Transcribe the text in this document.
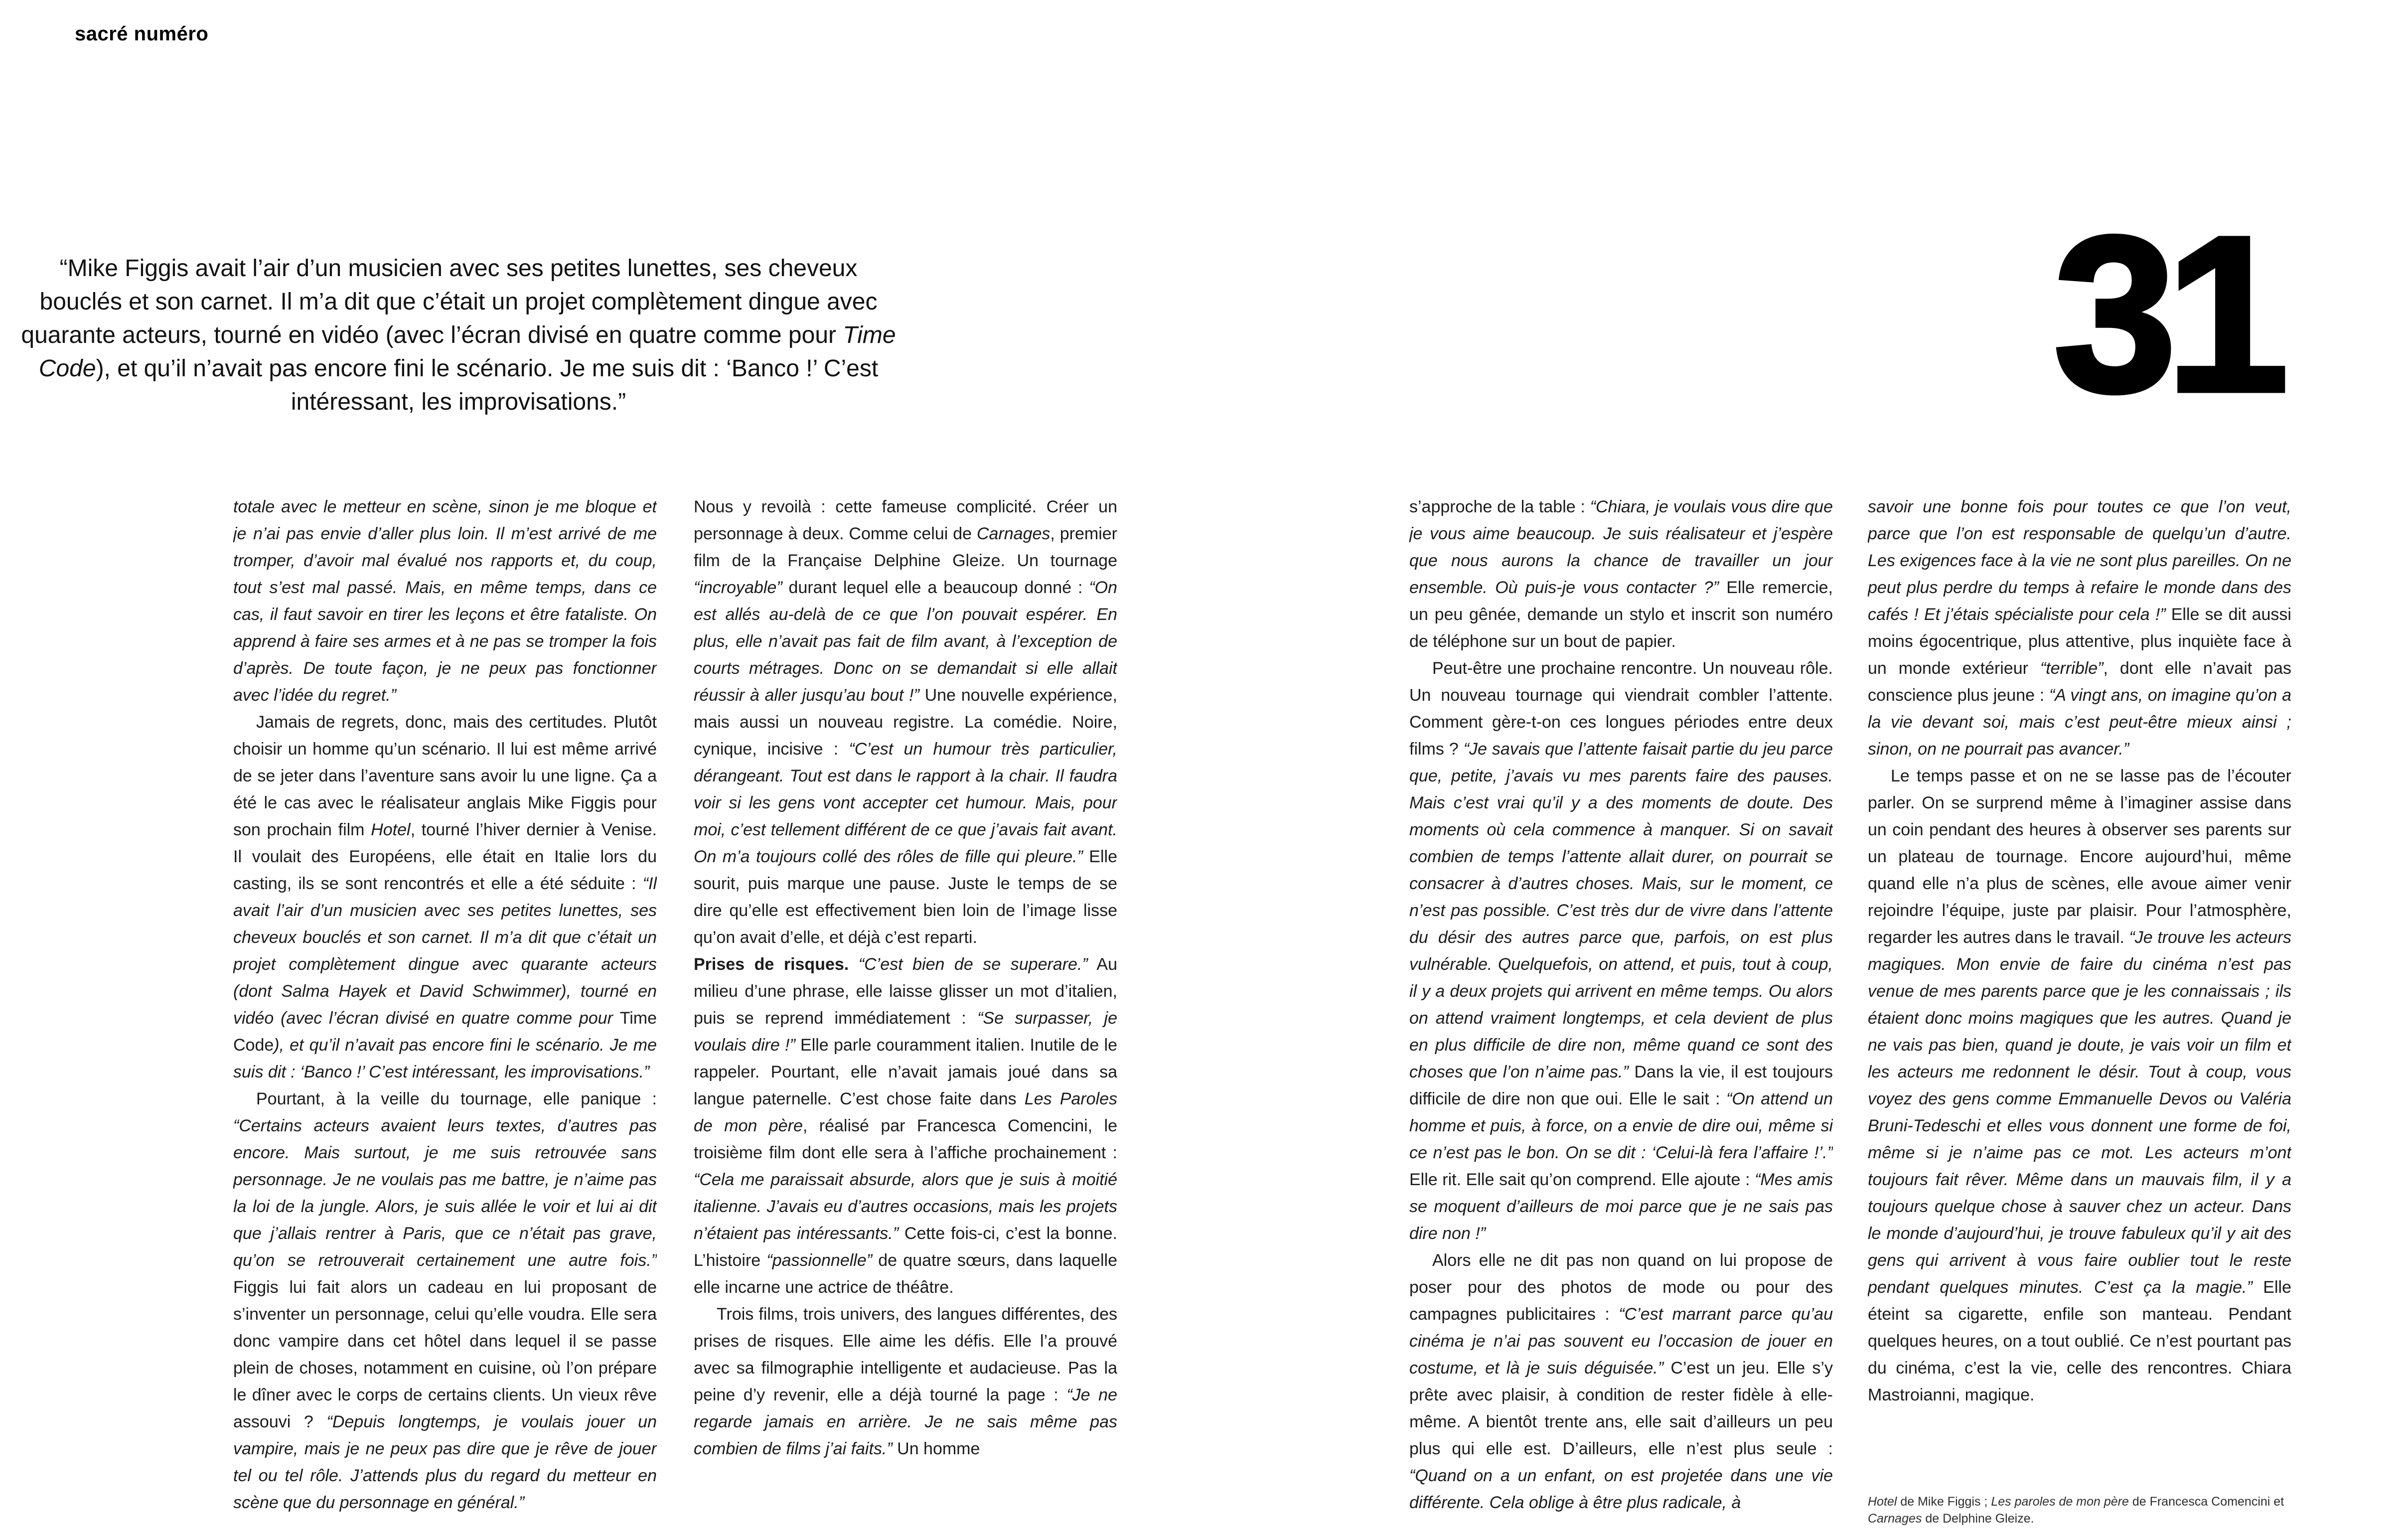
sacré numéro
“Mike Figgis avait l’air d’un musicien avec ses petites lunettes, ses cheveux bouclés et son carnet. Il m’a dit que c’était un projet complètement dingue avec quarante acteurs, tourné en vidéo (avec l’écran divisé en quatre comme pour Time Code), et qu’il n’avait pas encore fini le scénario. Je me suis dit : ‘Banco !’ C’est intéressant, les improvisations.”	31

totale avec le metteur en scène, sinon je me bloque et je n’ai pas envie d’aller plus loin. Il m’est arrivé de me tromper, d’avoir mal évalué nos rapports et, du coup, tout s’est mal passé. Mais, en même temps, dans ce cas, il faut savoir en tirer les leçons et être fataliste. On apprend à faire ses armes et à ne pas se tromper la fois d’après. De toute façon, je ne peux pas fonctionner avec l’idée du regret.”

Jamais de regrets, donc, mais des certitudes. Plutôt choisir un homme qu’un scénario. Il lui est même arrivé de se jeter dans l’aventure sans avoir lu une ligne. Ça a été le cas avec le réalisateur anglais Mike Figgis pour son prochain film Hotel, tourné l’hiver dernier à Venise. Il voulait des Européens, elle était en Italie lors du casting, ils se sont rencontrés et elle a été séduite : “Il avait l’air d’un musicien avec ses petites lunettes, ses cheveux bouclés et son carnet. Il m’a dit que c’était un projet complètement dingue avec quarante acteurs (dont Salma Hayek et David Schwimmer), tourné en vidéo (avec l’écran divisé en quatre comme pour Time Code), et qu’il n’avait pas encore fini le scénario. Je me suis dit : ‘Banco !’ C’est intéressant, les improvisations.”

Pourtant, à la veille du tournage, elle panique : “Certains acteurs avaient leurs textes, d’autres pas encore. Mais surtout, je me suis retrouvée sans personnage. Je ne voulais pas me battre, je n’aime pas la loi de la jungle. Alors, je suis allée le voir et lui ai dit que j’allais rentrer à Paris, que ce n’était pas grave, qu’on se retrouverait certainement une autre fois.” Figgis lui fait alors un cadeau en lui proposant de s’inventer un personnage, celui qu’elle voudra. Elle sera donc vampire dans cet hôtel dans lequel il se passe plein de choses, notamment en cuisine, où l’on prépare le dîner avec le corps de certains clients. Un vieux rêve assouvi ? “Depuis longtemps, je voulais jouer un vampire, mais je ne peux pas dire que je rêve de jouer tel ou tel rôle. J’attends plus du regard du metteur en scène que du personnage en général.”

Nous y revoilà : cette fameuse complicité. Créer un personnage à deux. Comme celui de Carnages, premier film de la Française Delphine Gleize. Un tournage “incroyable” durant lequel elle a beaucoup donné : “On est allés au-delà de ce que l’on pouvait espérer. En plus, elle n’avait pas fait de film avant, à l’exception de courts métrages. Donc on se demandait si elle allait réussir à aller jusqu’au bout !” Une nouvelle expérience, mais aussi un nouveau registre. La comédie. Noire, cynique, incisive : “C’est un humour très particulier, dérangeant. Tout est dans le rapport à la chair. Il faudra voir si les gens vont accepter cet humour. Mais, pour moi, c’est tellement différent de ce que j’avais fait avant. On m’a toujours collé des rôles de fille qui pleure.” Elle sourit, puis marque une pause. Juste le temps de se dire qu’elle est effectivement bien loin de l’image lisse qu’on avait d’elle, et déjà c’est reparti.

Prises de risques. “C’est bien de se superare.” Au milieu d’une phrase, elle laisse glisser un mot d’italien, puis se reprend immédiatement : “Se surpasser, je voulais dire !” Elle parle couramment italien. Inutile de le rappeler. Pourtant, elle n’avait jamais joué dans sa langue paternelle. C’est chose faite dans Les Paroles de mon père, réalisé par Francesca Comencini, le troisième film dont elle sera à l’affiche prochainement : “Cela me paraissait absurde, alors que je suis à moitié italienne. J’avais eu d’autres occasions, mais les projets n’étaient pas intéressants.” Cette fois-ci, c’est la bonne. L’histoire “passionnelle” de quatre sœurs, dans laquelle elle incarne une actrice de théâtre.

Trois films, trois univers, des langues différentes, des prises de risques. Elle aime les défis. Elle l’a prouvé avec sa filmographie intelligente et audacieuse. Pas la peine d’y revenir, elle a déjà tourné la page : “Je ne regarde jamais en arrière. Je ne sais même pas combien de films j’ai faits.” Un homme

s’approche de la table : “Chiara, je voulais vous dire que je vous aime beaucoup. Je suis réalisateur et j’espère que nous aurons la chance de travailler un jour ensemble. Où puis-je vous contacter ?” Elle remercie, un peu gênée, demande un stylo et inscrit son numéro de téléphone sur un bout de papier.

Peut-être une prochaine rencontre. Un nouveau rôle. Un nouveau tournage qui viendrait combler l’attente. Comment gère-t-on ces longues périodes entre deux films ? “Je savais que l’attente faisait partie du jeu parce que, petite, j’avais vu mes parents faire des pauses. Mais c’est vrai qu’il y a des moments de doute. Des moments où cela commence à manquer. Si on savait combien de temps l’attente allait durer, on pourrait se consacrer à d’autres choses. Mais, sur le moment, ce n’est pas possible. C’est très dur de vivre dans l’attente du désir des autres parce que, parfois, on est plus vulnérable. Quelquefois, on attend, et puis, tout à coup, il y a deux projets qui arrivent en même temps. Ou alors on attend vraiment longtemps, et cela devient de plus en plus difficile de dire non, même quand ce sont des choses que l’on n’aime pas.” Dans la vie, il est toujours difficile de dire non que oui. Elle le sait : “On attend un homme et puis, à force, on a envie de dire oui, même si ce n’est pas le bon. On se dit : ‘Celui-là fera l’affaire !’.” Elle rit. Elle sait qu’on comprend. Elle ajoute : “Mes amis se moquent d’ailleurs de moi parce que je ne sais pas dire non !”

Alors elle ne dit pas non quand on lui propose de poser pour des photos de mode ou pour des campagnes publicitaires : “C’est marrant parce qu’au cinéma je n’ai pas souvent eu l’occasion de jouer en costume, et là je suis déguisée.” C’est un jeu. Elle s’y prête avec plaisir, à condition de rester fidèle à elle-même. A bientôt trente ans, elle sait d’ailleurs un peu plus qui elle est. D’ailleurs, elle n’est plus seule : “Quand on a un enfant, on est projetée dans une vie différente. Cela oblige à être plus radicale, à

savoir une bonne fois pour toutes ce que l’on veut, parce que l’on est responsable de quelqu’un d’autre. Les exigences face à la vie ne sont plus pareilles. On ne peut plus perdre du temps à refaire le monde dans des cafés ! Et j’étais spécialiste pour cela !” Elle se dit aussi moins égocentrique, plus attentive, plus inquiète face à un monde extérieur “terrible”, dont elle n’avait pas conscience plus jeune : “A vingt ans, on imagine qu’on a la vie devant soi, mais c’est peut-être mieux ainsi ; sinon, on ne pourrait pas avancer.”

Le temps passe et on ne se lasse pas de l’écouter parler. On se surprend même à l’imaginer assise dans un coin pendant des heures à observer ses parents sur un plateau de tournage. Encore aujourd’hui, même quand elle n’a plus de scènes, elle avoue aimer venir rejoindre l’équipe, juste par plaisir. Pour l’atmosphère, regarder les autres dans le travail. “Je trouve les acteurs magiques. Mon envie de faire du cinéma n’est pas venue de mes parents parce que je les connaissais ; ils étaient donc moins magiques que les autres. Quand je ne vais pas bien, quand je doute, je vais voir un film et les acteurs me redonnent le désir. Tout à coup, vous voyez des gens comme Emmanuelle Devos ou Valéria Bruni-Tedeschi et elles vous donnent une forme de foi, même si je n’aime pas ce mot. Les acteurs m’ont toujours fait rêver. Même dans un mauvais film, il y a toujours quelque chose à sauver chez un acteur. Dans le monde d’aujourd’hui, je trouve fabuleux qu’il y ait des gens qui arrivent à vous faire oublier tout le reste pendant quelques minutes. C’est ça la magie.” Elle éteint sa cigarette, enfile son manteau. Pendant quelques heures, on a tout oublié. Ce n’est pourtant pas du cinéma, c’est la vie, celle des rencontres. Chiara Mastroianni, magique.

Hotel de Mike Figgis ; Les paroles de mon père de Francesca Comencini et Carnages de Delphine Gleize.
